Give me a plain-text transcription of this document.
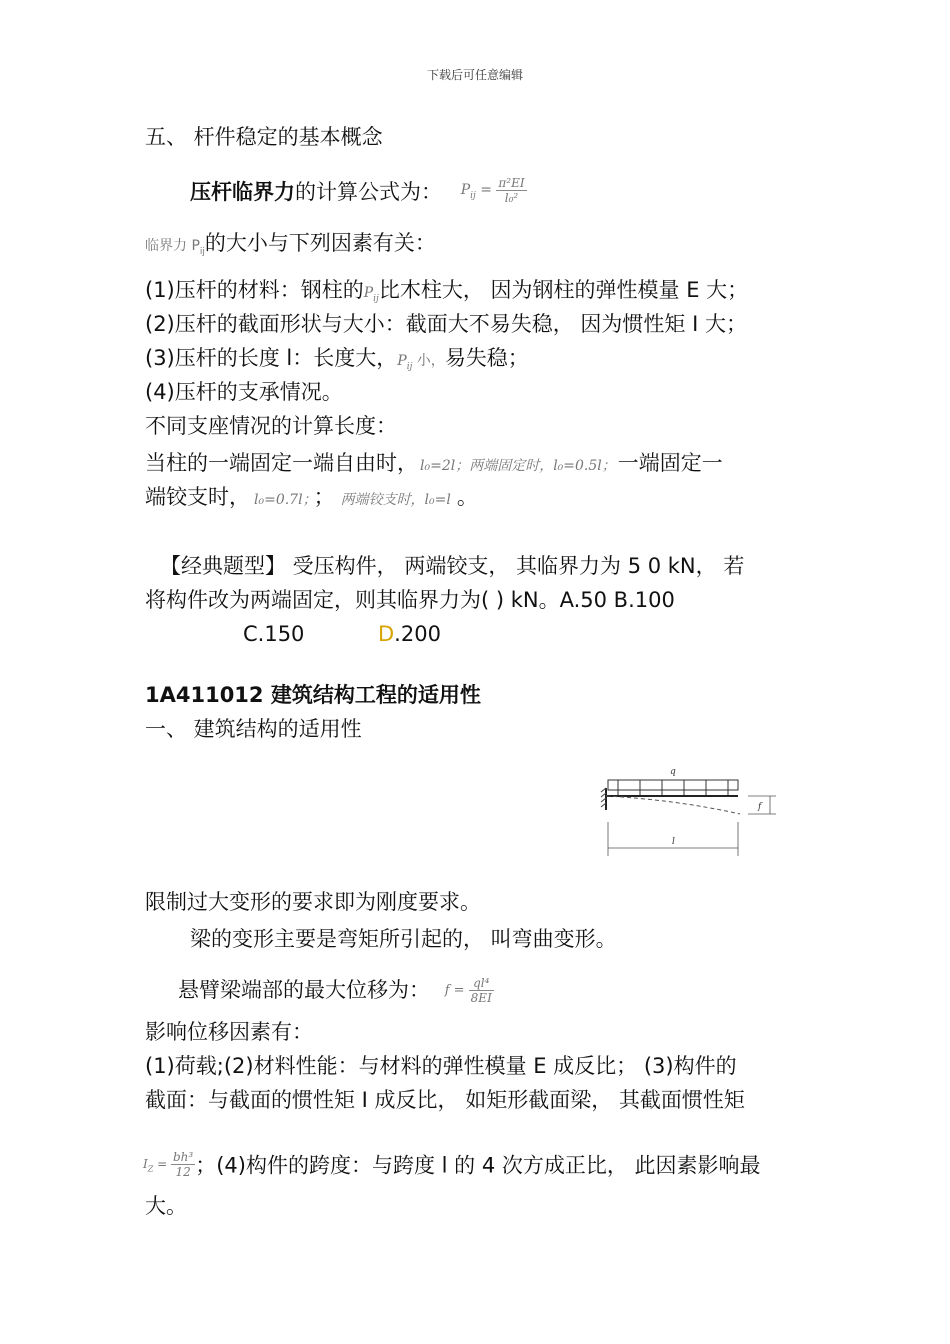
下载后可任意编辑
五、 杆件稳定的基本概念
压杆临界力的计算公式为： $P_{ij} = \frac{\text{π²EI}}{\text{l₀²}}$
临界力 $P_{ij}$的大小与下列因素有关：
(1)压杆的材料：钢柱的$P_{ij}$比木柱大， 因为钢柱的弹性模量 E 大；
(2)压杆的截面形状与大小：截面大不易失稳， 因为惯性矩 I 大；
(3)压杆的长度 l：长度大，$P_{ij}$ 小，易失稳；
(4)压杆的支承情况。
不同支座情况的计算长度：
当柱的一端固定一端自由时， l₀=2l；两端固定时，l₀=0.5l；一端固定一
端铰支时， l₀=0.7l； ； 两端铰支时，l₀=l 。
【经典题型】 受压构件， 两端铰支， 其临界力为 5 0 kN， 若
将构件改为两端固定，则其临界力为( ) kN。A.50 B.100
C.150	D.200
1A411012 建筑结构工程的适用性
一、 建筑结构的适用性
f
l
q
限制过大变形的要求即为刚度要求。
梁的变形主要是弯矩所引起的， 叫弯曲变形。
悬臂梁端部的最大位移为： $f = \frac{\text{ql⁴}}{8EI}$
影响位移因素有：
(1)荷载;(2)材料性能：与材料的弹性模量 E 成反比； (3)构件的
截面：与截面的惯性矩 I 成反比， 如矩形截面梁， 其截面惯性矩
$I_Z = \frac{\text{bh³}}{12}$ ；(4)构件的跨度：与跨度 l 的 4 次方成正比， 此因素影响最
大。
